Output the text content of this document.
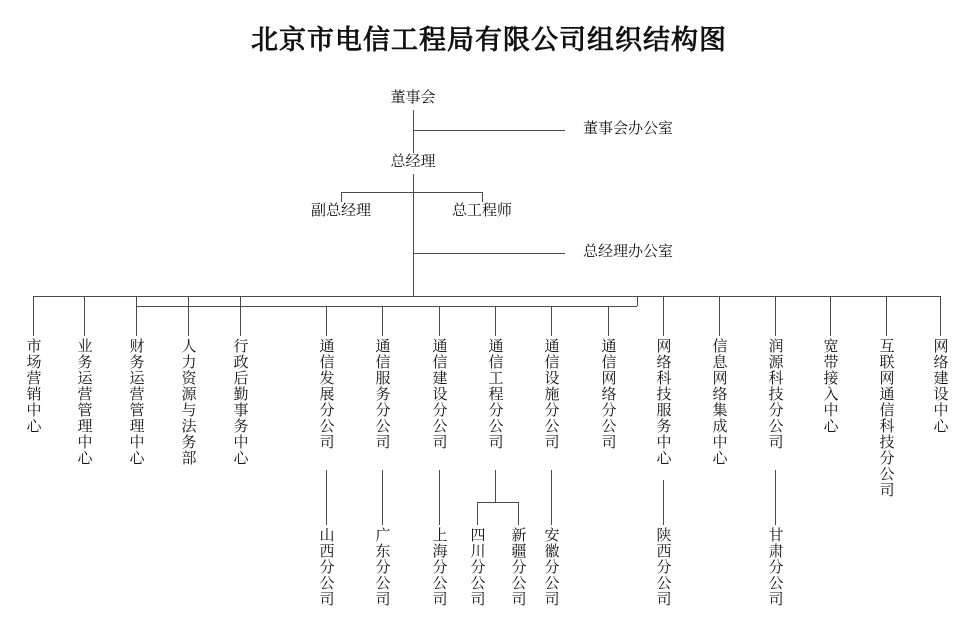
北京市电信工程局有限公司组织结构图
董事会
董事会办公室
总经理
副总经理	总工程师
总经理办公室
市场营销中心 业务运营管理中心 财务运营管理中心 人力资源与法务部 行政后勤事务中心	通信发展分公司	通信服务分公司	通信建设分公司	通信工程分公司	通信设施分公司	通信网络分公司	网络科技服务中心	信息网络集成中心	润源科技分公司	宽带接入中心	互联网通信科技分公司 网络建设中心
山西分公司	广东分公司	上海分公司 四川分公司 新疆分公司 安徽分公司	陕西分公司	甘肃分公司
